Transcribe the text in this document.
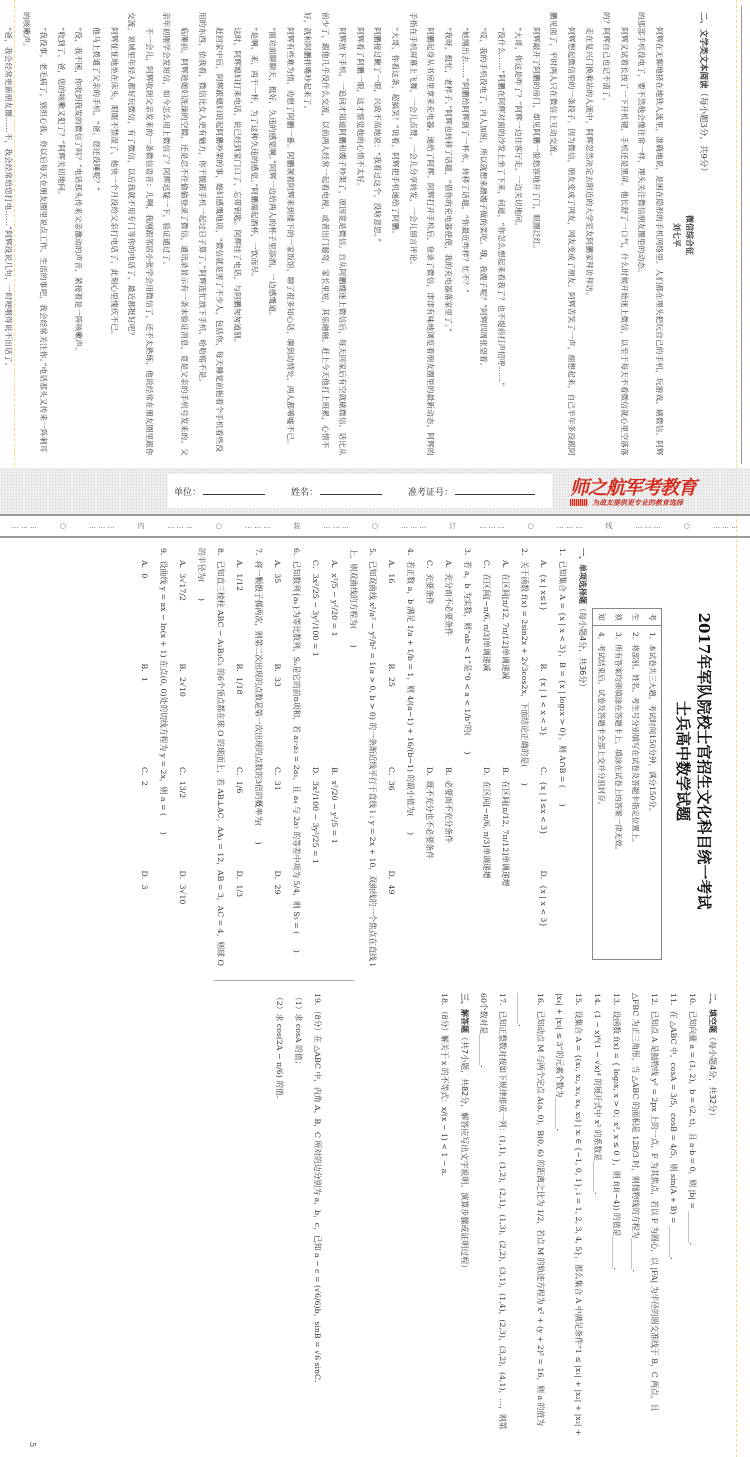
二、文学类文本阅读（每小题3分，共9分）
微信综合征
刘七平

阿辉在无聊地挤在地铁人流里，准确地说，是困在隐形的手机网络里。人们都在埋头把玩自己的手机，玩游戏、刷微信。阿辉的那部手机没电了，要不然他会像往常一样，埋头关注微信朋友圈里的动态。

阿辉又试着长按了一下开机键，手机还是黑屏。他长舒了一口气，什么时候开始迷上微信，以至于每天不看微信就心里空落落的？阿辉自己也记不清了。

走在复兴门换乘站的人流中，阿辉忽然决定去附近的大学室友阿鹏家拜访拜访。

阿辉想起微信里的一条段子，因为微信，朋友变成了网友，网友变成了朋友。阿辉苦笑了一声，细想起来，自己半年多没跟阿鹏见面了，平时两人只在微信上互动交流。

阿辉敲开了阿鹏的房门，却见阿鹏一脸愁容地开了门，眼圈泛红。

“大哥，你这是咋了？”阿辉一边往客厅走，一边关切地问。

“没什么……”阿鹏在阿辉对面的沙发上坐了下来，问道，“你怎么想起来看我了？也不提前打声招呼……”

“哎，我的手机没电了，内人加班，所以就想来蹭嫂子做的菜吃。哦，我嫂子呢？”阿辉四周张望着。

“她刚出去……”阿鹏给阿辉倒了一杯水，转移了话题，“你最近咋样？忙不？”

“我呀，挺忙，老样子。”阿辉也转移了话题，“借你的充电器使使，我的充电器落家里了。”

阿鹏起身从书房里拿来充电器，递给了阿辉。阿辉打开手机后，登录了微信，津津有味地浏览着朋友圈里的最新动态。阿辉的手指在手机屏幕上飞舞，一会儿点赞，一会儿分享转发，一会儿留言评论。

“大哥，你看这条，超搞笑！”说着，阿辉把手机递给了阿鹏。

阿鹏接过瞅了一眼，兴致不高地说：“我看过这个，没啥意思。”

阿辉看了阿鹏一眼，这才察觉他的心情不太好。

阿辉放下手机，一追问才知道阿鹏和嫂子吵架了，原因竟是微信。自从阿鹏嫂迷上微信后，每天回家后有空就刷微信，话比从前少了，跟他几乎没什么交流，以前两人经常一起看电视，或者出门遛弯，家长里短，其乐融融。赶上今天他打上班累，心情不好，就和阿鹏拌嘴吵起来了。

阿辉有些难为情，劝慰了阿鹏一番。阿鹏领着阿辉来到楼下的一家饭馆，聊了很多知心话，聊到动情处，两人都唏嘘不已。

“面对面聊聊天，挺好，久违的感觉啊。”阿辉一边给两人的杯子里添酒，一边感慨道。

“是啊，来，再干一杯，为了这种久违的感觉。”阿鹏端起酒杯，一饮而尽。

这时，阿辉媳妇打来电话，说已经到家门口了，忘带钥匙。阿辉挂了电话，与阿鹏匆匆道别。

赶回家中后，阿辉跟媳妇说起阿鹏吵架的事，媳妇感慨地说，“微信就是害了不少人，包括你，每天睡觉前抱着个手机看些没用的东西，依我看，微信比女人更有魅力，你干脆跟手机一起过日子算了。”阿辉连忙放下手机，哈哈赔不是。

临睡前，阿辉趁媳妇洗澡的空隙，还是忍不住偷偷登录了微信，通讯录显示有一条未验证消息，竟是父亲的手机号发来的。父亲年初刚学会发短信，如今怎么用上微信了？阿辉迟疑一下，验证通过了。

不一会儿，阿辉收到父亲发来的一条微信语音：儿啊，我刚跟邻居小张学会用微信了，还不太熟练，他说经常在朋友圈里跟你交流，说城里年轻人都好玩微信，有了微信，以后我就不用专门等你的电话了，最近都挺好吧？

阿辉怔怔地坐在床头，眼眶不禁湿了，他快一个月没给父亲打电话了，此刻心里愧疚不已。

他马上拨通了父亲的手机，“爸，您还没睡呢？”

“没，我不困，你收到我发的微信了吗？”电话那头传来父亲激动的声音，紧接着是一阵咳嗽声。

“收到了，爸，您的咳嗽又犯了？”阿辉关切地问。

“我没事，老毛病了，别担心我。你以后每天在朋友圈里说点工作、生活的事吧，我会经常关注你。”电话那头又传来一阵刺耳的咳嗽声。

“爸，我会经常更新朋友圈……不，我会经常给您打电……”阿辉没说几句，一时哽咽得说不出话了。

单位：	姓名：	准考证号：	师之航军考教育
为战友提供更专业的教育选择
… … …	○	… … …	内	… … …	○	… … …	装	… … …	○	… … …	订	… … …	○	… … …	线	… … …	○	… … …
2017年军队院校士官招生文化科目统一考试
士兵高中数学试题
考
生
须
知
1．本试卷共三大题，考试时间150分钟，满分150分。
2．将部别、姓名、考生号分别填写在试卷及答题卡指定位置上。
3．所有答案均须填涂在答题卡上，填涂在试卷上的答案一律无效。
4．考试结束后，试卷及答题卡全部上交并分别封存。
一、单项选择题（每小题4分，共36分）
1．已知集合 A = {x | x < 3}，B = {x | log₂x > 0}，则 A∩B = (　　)
A．{x | x≤1}
B．{x | 1 < x < 3}
C．{x | 1≤x < 3}
D．{x | x < 3}
2．关于函数 f(x) = 2sin2x + 2√3cos2x，下面结论正确的是(　　)
A．在区间[π/12, 7π/12]单调递减
B．在区间[π/12, 7π/12]单调递增
C．在区间[−π/6, π/3]单调递减
D．在区间[−π/6, π/3]单调递增
3．若 a，b 为实数，则“ab < 1”是“0 < a < 1/b”的(　　)
A．充分而不必要条件
B．必要而不充分条件
C．充要条件
D．既不充分也不必要条件
4．若正数 a，b 满足 1/a + 1/b = 1，则 4/(a−1) + 16/(b−1) 的最小值为(　　)
A．16
B．25
C．36
D．49
5．已知双曲线 x²/a² − y²/b² = 1(a > 0, b > 0) 的一条渐近线平行于直线 l : y = 2x + 10，双曲线的一个焦点在直线 l 上，则双曲线的方程为(　　)
A．x²/5 − y²/20 = 1
B．x²/20 − y²/5 = 1
C．3x²/25 − 3y²/100 = 1
D．3x²/100 − 3y²/25 = 1
6．已知数列{aₙ}为等比数列，Sₙ是它的前n项和，若 a₂·a₃ = 2a₁，且 a₄ 与 2a₇ 的等差中项为 5/4，则 S₅ = (　　)
A．35
B．33
C．31
D．29
7．将一颗骰子掷两次，则第二次出现的点数是第一次出现的点数的3倍的概率为(　　)
A．1/12
B．1/18
C．1/6
D．1/3
8．已知直三棱柱 ABC − A₁B₁C₁ 的6个顶点都在球 O 的球面上，若 AB⊥AC，AA₁ = 12，AB = 3，AC = 4，则球 O 的半径为(　　)
A．3√17/2
B．2√10
C．13/2
D．3√10
9．设曲线 y = ax − ln(x + 1) 在点(0, 0)处的切线方程为 y = 2x，则 a = (　　)
A．0
B．1
C．2
D．3
二、填空题（每小题4分，共32分）
10．已知向量 a = (1, 2)，b = (2, t)，且 a·b = 0，则 |b| = ________．
11．在 △ABC 中，cosA = 3/5，cosB = 4/5，则 sin(A + B) = ________．
12．已知点 A 是抛物线 y² = 2px 上的一点，F 为其焦点，若以 F 为圆心，以 |FA| 为半径的圆交准线于 B，C 两点，且 △FBC 为正三角形，当 △ABC 的面积是 128/3 时，则抛物线的方程为________．
13．设函数 f(x) = { log₂x, x > 0；x², x ≤ 0 }，则 f(f(−4)) 的值是________．
14．(1 − x)⁶(1 − √x)⁴ 的展开式中 x² 的系数是________．
15．设集合 A = {(x₁, x₂, x₃, x₄, x₅) | xᵢ ∈ {−1, 0, 1}, i = 1, 2, 3, 4, 5}，那么集合 A 中满足条件“1 ≤ |x₁| + |x₂| + |x₃| + |x₄| + |x₅| ≤ 3”的元素个数为________．
16．已知动点 M 与两个定点 A(a, 0)，B(0, 6) 的距离之比为 1/2，若点 M 的轨迹方程为 x² + (y + 2)² = 16，则 a 的值为________．
17．已知正整数对按如下规律排成一列：(1,1)，(1,2)，(2,1)，(1,3)，(2,2)，(3,1)，(1,4)，(2,3)，(3,2)，(4,1)，…，则第60个数对是________．
三、解答题（共7小题，共82分，解答应写出文字说明、演算步骤或证明过程）
18．（8分）解关于 x 的不等式：x/(x − 1) < 1 − a．
19．（8分）在 △ABC 中，内角 A，B，C 所对的边分别为 a，b，c，已知 a − c = (√6/6)b，sinB = √6 sinC．
（1）求 cosA 的值；
（2）求 cos(2A − π/6) 的值．
5
